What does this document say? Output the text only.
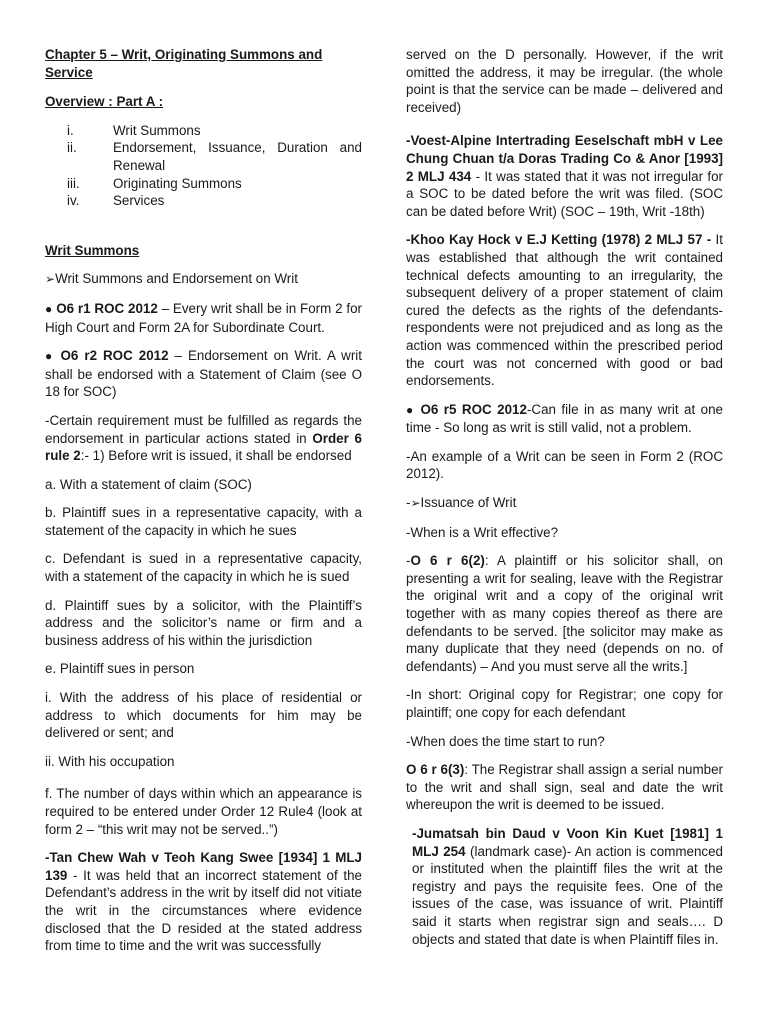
Chapter 5 – Writ, Originating Summons and Service

Overview : Part A :

i.	Writ Summons
ii.	Endorsement, Issuance, Duration and Renewal
iii.	Originating Summons
iv.	Services

Writ Summons

➢Writ Summons and Endorsement on Writ

● O6 r1 ROC 2012 – Every writ shall be in Form 2 for High Court and Form 2A for Subordinate Court.

● O6 r2 ROC 2012 – Endorsement on Writ. A writ shall be endorsed with a Statement of Claim (see O 18 for SOC)

-Certain requirement must be fulfilled as regards the endorsement in particular actions stated in Order 6 rule 2:- 1) Before writ is issued, it shall be endorsed

a. With a statement of claim (SOC)

b. Plaintiff sues in a representative capacity, with a statement of the capacity in which he sues

c. Defendant is sued in a representative capacity, with a statement of the capacity in which he is sued

d. Plaintiff sues by a solicitor, with the Plaintiff’s address and the solicitor’s name or firm and a business address of his within the jurisdiction

e. Plaintiff sues in person

i. With the address of his place of residential or address to which documents for him may be delivered or sent; and

ii. With his occupation

f. The number of days within which an appearance is required to be entered under Order 12 Rule4 (look at form 2 – “this writ may not be served..”)

-Tan Chew Wah v Teoh Kang Swee [1934] 1 MLJ 139 - It was held that an incorrect statement of the Defendant’s address in the writ by itself did not vitiate the writ in the circumstances where evidence disclosed that the D resided at the stated address from time to time and the writ was successfully

served on the D personally. However, if the writ omitted the address, it may be irregular. (the whole point is that the service can be made – delivered and received)

-Voest-Alpine Intertrading Eeselschaft mbH v Lee Chung Chuan t/a Doras Trading Co & Anor [1993] 2 MLJ 434 - It was stated that it was not irregular for a SOC to be dated before the writ was filed. (SOC can be dated before Writ) (SOC – 19th, Writ -18th)

-Khoo Kay Hock v E.J Ketting (1978) 2 MLJ 57 - It was established that although the writ contained technical defects amounting to an irregularity, the subsequent delivery of a proper statement of claim cured the defects as the rights of the defendants-respondents were not prejudiced and as long as the action was commenced within the prescribed period the court was not concerned with good or bad endorsements.

● O6 r5 ROC 2012-Can file in as many writ at one time - So long as writ is still valid, not a problem.

-An example of a Writ can be seen in Form 2 (ROC 2012).

-➢Issuance of Writ

-When is a Writ effective?

-O 6 r 6(2): A plaintiff or his solicitor shall, on presenting a writ for sealing, leave with the Registrar the original writ and a copy of the original writ together with as many copies thereof as there are defendants to be served. [the solicitor may make as many duplicate that they need (depends on no. of defendants) – And you must serve all the writs.]

-In short: Original copy for Registrar; one copy for plaintiff; one copy for each defendant

-When does the time start to run?

O 6 r 6(3): The Registrar shall assign a serial number to the writ and shall sign, seal and date the writ whereupon the writ is deemed to be issued.

-Jumatsah bin Daud v Voon Kin Kuet [1981] 1 MLJ 254 (landmark case)- An action is commenced or instituted when the plaintiff files the writ at the registry and pays the requisite fees. One of the issues of the case, was issuance of writ. Plaintiff said it starts when registrar sign and seals…. D objects and stated that date is when Plaintiff files in.
